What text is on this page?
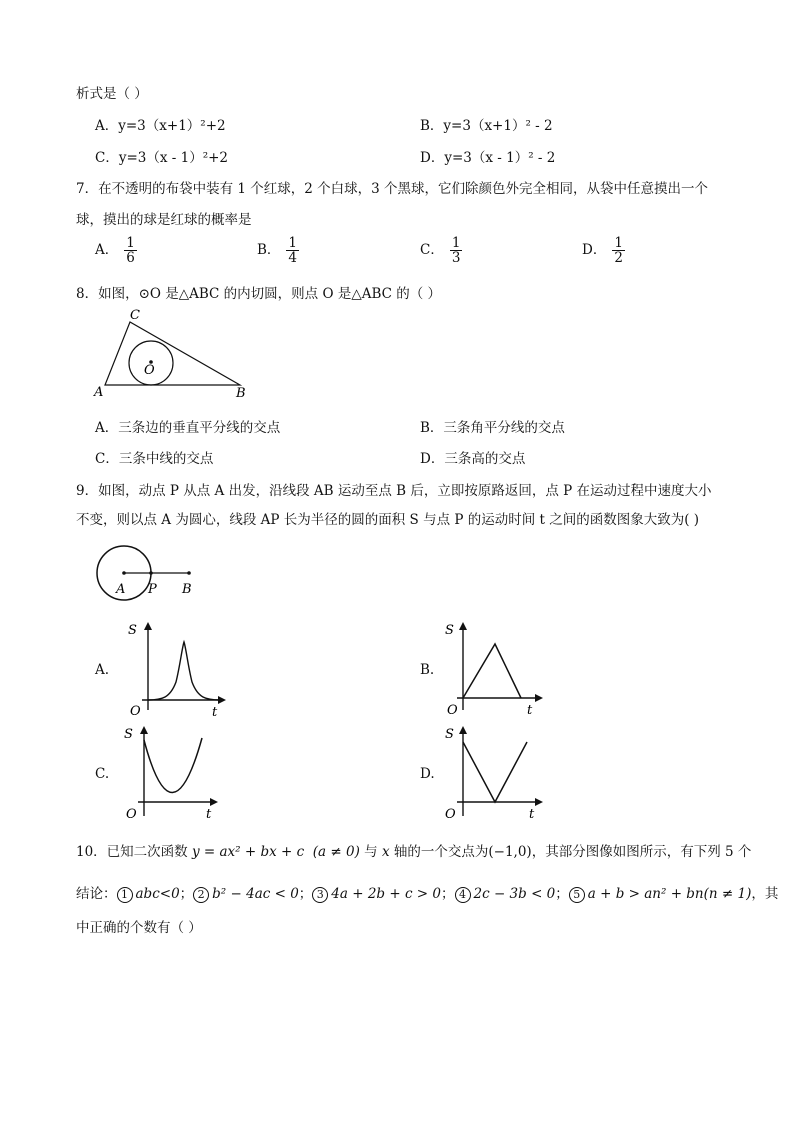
析式是（ ）
A．y=3（x+1）²+2	B．y=3（x+1）² - 2
C．y=3（x - 1）²+2	D．y=3（x - 1）² - 2
7．在不透明的布袋中装有 1 个红球，2 个白球，3 个黑球，它们除颜色外完全相同，从袋中任意摸出一个
球，摸出的球是红球的概率是
A． $\frac{1}{6}$	B． $\frac{1}{4}$	C． $\frac{1}{3}$	D． $\frac{1}{2}$
8．如图，⊙O 是△ABC 的内切圆，则点 O 是△ABC 的（ ）
A
C
B
O
A．三条边的垂直平分线的交点	B．三条角平分线的交点
C．三条中线的交点	D．三条高的交点
9．如图，动点 P 从点 A 出发，沿线段 AB 运动至点 B 后，立即按原路返回，点 P 在运动过程中速度大小
不变，则以点 A 为圆心，线段 AP 长为半径的圆的面积 S 与点 P 的运动时间 t 之间的函数图象大致为( )
A P B
A.	B.
C.	D.
S
O	t
S
O	t
S
O	t
S
O	t
10．已知二次函数 y = ax² + bx + c (a ≠ 0) 与 x 轴的一个交点为(−1,0)，其部分图像如图所示，有下列 5 个
结论： 1 abc<0； 2 b² − 4ac < 0； 3 4a + 2b + c > 0； 4 2c − 3b < 0； 5 a + b > an² + bn(n ≠ 1)，其
中正确的个数有（ ）
